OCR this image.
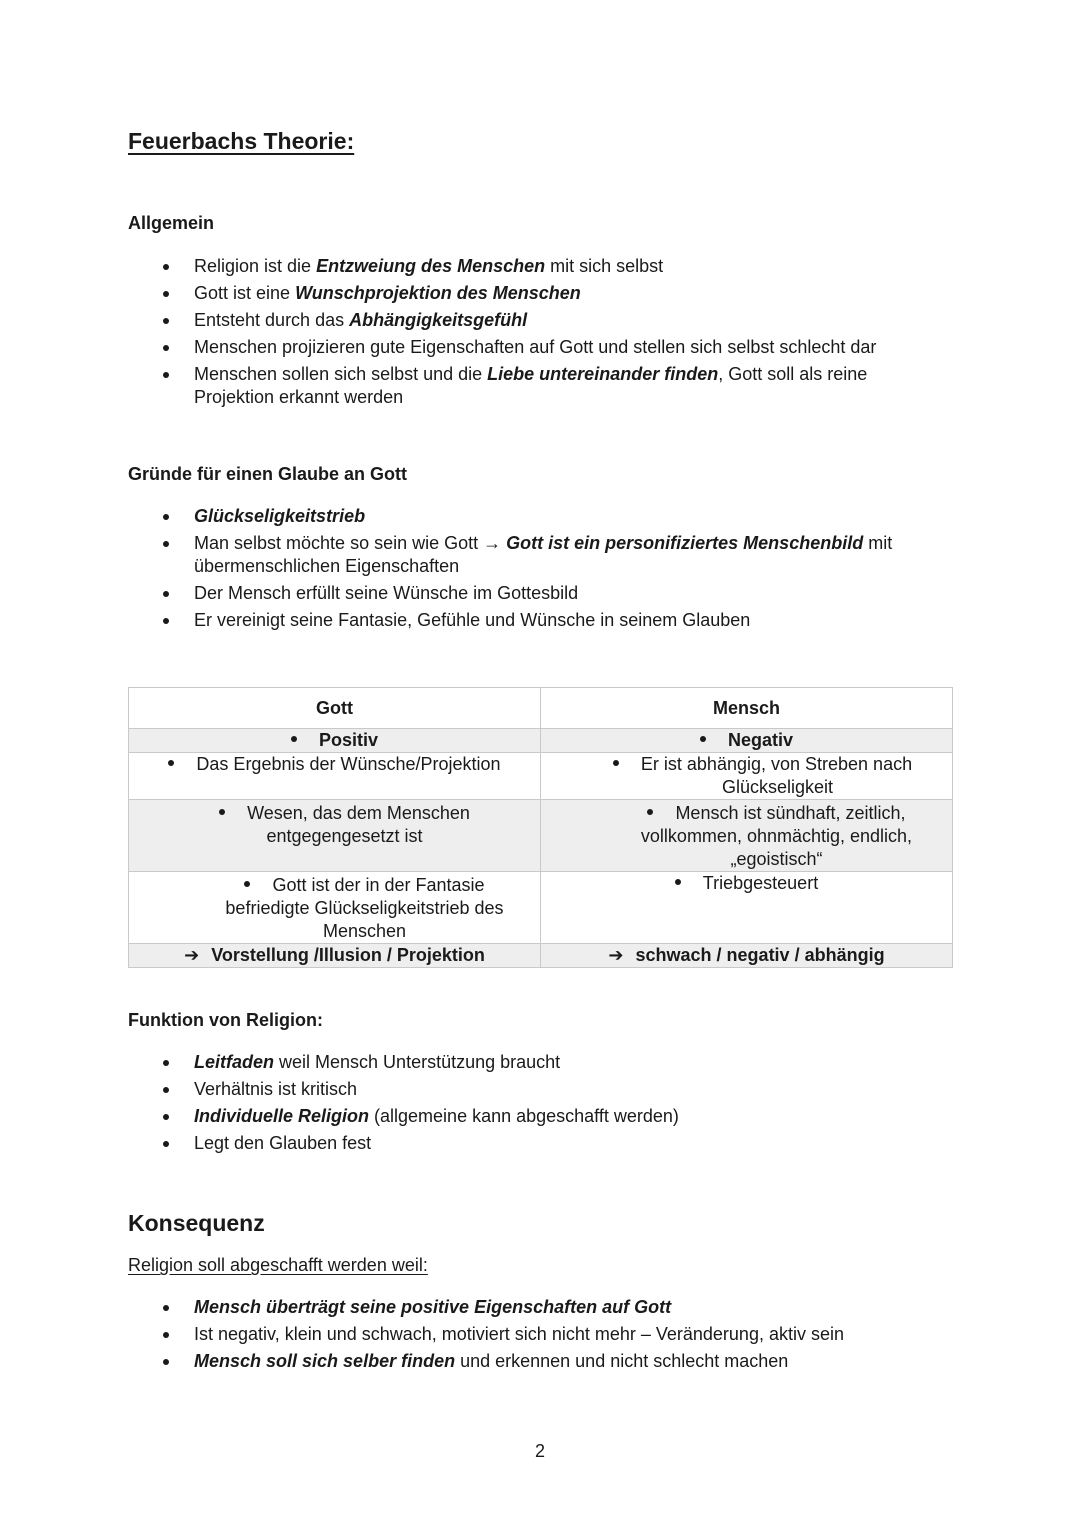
Feuerbachs Theorie:
Allgemein
Religion ist die Entzweiung des Menschen mit sich selbst
Gott ist eine Wunschprojektion des Menschen
Entsteht durch das Abhängigkeitsgefühl
Menschen projizieren gute Eigenschaften auf Gott und stellen sich selbst schlecht dar
Menschen sollen sich selbst und die Liebe untereinander finden, Gott soll als reine Projektion erkannt werden
Gründe für einen Glaube an Gott
Glückseligkeitstrieb
Man selbst möchte so sein wie Gott → Gott ist ein personifiziertes Menschenbild mit übermenschlichen Eigenschaften
Der Mensch erfüllt seine Wünsche im Gottesbild
Er vereinigt seine Fantasie, Gefühle und Wünsche in seinem Glauben
Gott	Mensch
Positiv	Negativ
Das Ergebnis der Wünsche/Projektion	Er ist abhängig, von Streben nach Glückseligkeit
Wesen, das dem Menschen entgegengesetzt ist	Mensch ist sündhaft, zeitlich, vollkommen, ohnmächtig, endlich, „egoistisch“
Gott ist der in der Fantasie befriedigte Glückseligkeitstrieb des Menschen	Triebgesteuert
➔ Vorstellung /Illusion / Projektion	➔ schwach / negativ / abhängig
Funktion von Religion:
Leitfaden weil Mensch Unterstützung braucht
Verhältnis ist kritisch
Individuelle Religion (allgemeine kann abgeschafft werden)
Legt den Glauben fest
Konsequenz
Religion soll abgeschafft werden weil:
Mensch überträgt seine positive Eigenschaften auf Gott
Ist negativ, klein und schwach, motiviert sich nicht mehr – Veränderung, aktiv sein
Mensch soll sich selber finden und erkennen und nicht schlecht machen
2
